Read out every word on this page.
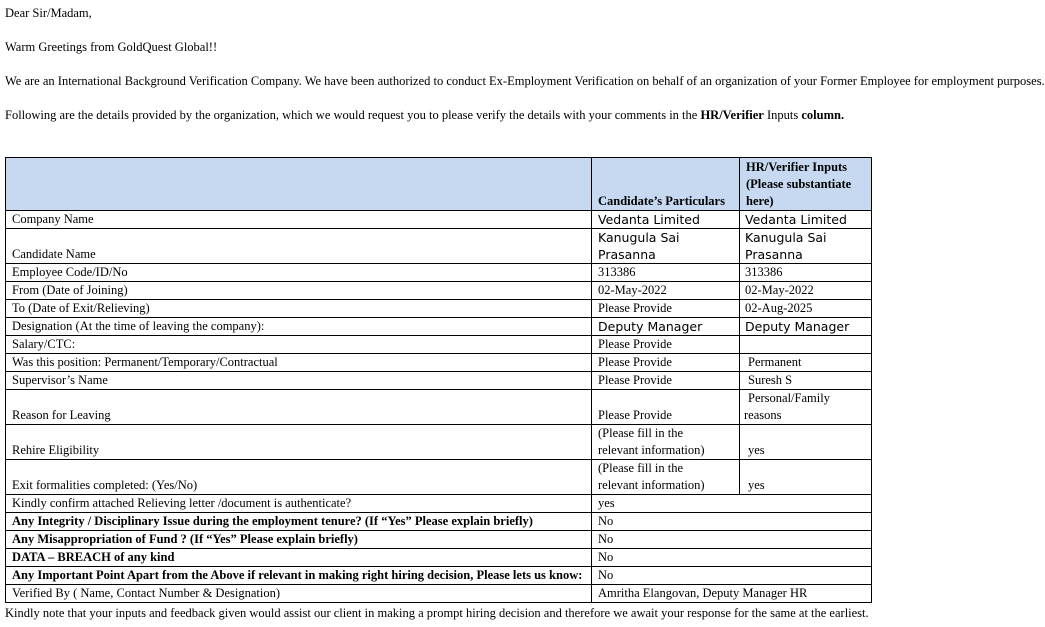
Dear Sir/Madam,

Warm Greetings from GoldQuest Global!!

We are an International Background Verification Company. We have been authorized to conduct Ex-Employment Verification on behalf of an organization of your Former Employee for employment purposes.

Following are the details provided by the organization, which we would request you to please verify the details with your comments in the HR/Verifier Inputs column.

	Candidate’s Particulars	HR/Verifier Inputs
(Please substantiate
here)

Company Name	Vedanta Limited	Vedanta Limited
Candidate Name	Kanugula Sai Prasanna	Kanugula Sai Prasanna
Employee Code/ID/No	313386	313386
From (Date of Joining)	02-May-2022	02-May-2022
To (Date of Exit/Relieving)	Please Provide	02-Aug-2025
Designation (At the time of leaving the company):	Deputy Manager	Deputy Manager
Salary/CTC:	Please Provide	
Was this position: Permanent/Temporary/Contractual	Please Provide	Permanent
Supervisor’s Name	Please Provide	Suresh S
Reason for Leaving	Please Provide	Personal/Family
reasons

Rehire Eligibility	(Please fill in the
relevant information)	yes
Exit formalities completed: (Yes/No)	(Please fill in the
relevant information)	yes
Kindly confirm attached Relieving letter /document is authenticate?	yes	
Any Integrity / Disciplinary Issue during the employment tenure? (If “Yes” Please explain briefly)	No	
Any Misappropriation of Fund ? (If “Yes” Please explain briefly)	No	
DATA – BREACH of any kind	No	
Any Important Point Apart from the Above if relevant in making right hiring decision, Please lets us know:	No	
Verified By ( Name, Contact Number & Designation)	Amritha Elangovan, Deputy Manager HR	

Kindly note that your inputs and feedback given would assist our client in making a prompt hiring decision and therefore we await your response for the same at the earliest.
